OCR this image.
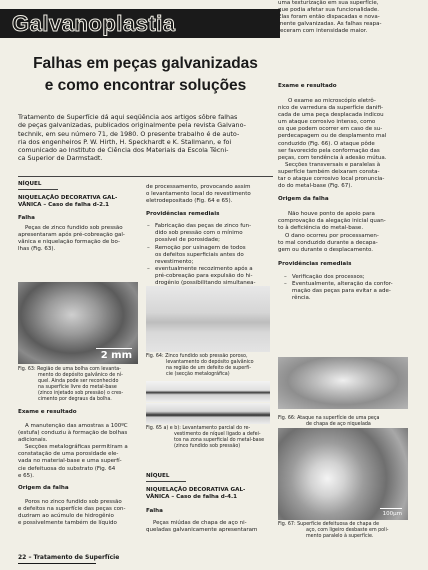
Galvanoplastia
Falhas em peças galvanizadas
e como encontrar soluções
Tratamento de Superfície dá aqui seqüência aos artigos sôbre falhas
de peças galvanizadas, publicados originalmente pela revista Galvano-
technik, em seu número 71, de 1980. O presente trabalho é de auto-
ria dos engenheiros P. W. Hirth, H. Speckhardt e K. Stallmann, e foi
comunicado ao Instituto de Ciência dos Materiais da Escola Técni-
ca Superior de Darmstadt.
NÍQUEL
NIQUELAÇÃO DECORATIVA GAL-
VÂNICA – Caso de falha d-2.1
Falha
Peças de zinco fundido sob pressão
apresentaram após pré-cobreação gal-
vânica e niquelação formação de bo-
lhas (Fig. 63).
2 mm
Fig. 63: Região de uma bolha com levanta-
mento do depósito galvânico de ní-
quel. Ainda pode ser reconhecido
na superfície livre do metal-base
(zinco injetado sob pressão) o cres-
cimento por degraus da bolha.
Exame e resultado
A manutenção das amostras a 100ºC
(estufa) conduziu à formação de bolhas
adicionais.
Secções metalográficas permitiram a
constatação de uma porosidade ele-
vada no material-base e uma superfí-
cie defeituosa do substrato (Fig. 64
e 65).
Origem da falha
Poros no zinco fundido sob pressão
e defeitos na superfície das peças con-
duziram ao acúmulo de hidrogênio
e possìvelmente também de líquido
de processamento, provocando assim
o levantamento local do revestimento
eletrodepositado (Fig. 64 e 65).
Providências remediais
– Fabricação das peças de zinco fun-
dido sob pressão com o mínimo
possível de porosidade;
– Remoção por usinagem de todos
os defeitos superficiais antes do
revestimento;
– eventualmente recozimento após a
pré-cobreação para expulsão do hi-
drogênio (possibilitando simultanea-
Fig. 64: Zinco fundido sob pressão poroso,
levantamento do depósito galvânico
na região de um defeito de superfí-
cie (secção metalográfica)
Fig. 65 a) e b): Levantamento parcial do re-
vestimento de níquel ligado a defei-
tos na zona superficial do metal-base
(zinco fundido sob pressão)
NÍQUEL
NIQUELAÇÃO DECORATIVA GAL-
VÂNICA – Caso de falha d-4.1
Falha
Peças miúdas de chapa de aço ni-
queladas galvanicamente apresentaram
uma texturização em sua superfície,
que podia afetar sua funcionalidade.
Elas foram então dispacadas e nova-
mente galvanizadas. As falhas reapa-
receram com intensidade maior.
Exame e resultado
O exame ao microscópio eletrô-
nico de varredura da superfície danifi-
cada de uma peça desplacada indicou
um ataque corrosivo intenso, como
os que podem ocorrer em caso de su-
perdecapagem ou de desplamento mal
conduzido (Fig. 66). O ataque pôde
ser favorecido pela conformação das
peças, com tendência à adesão mútua.
Secções transversais e paralelas à
superfície também deixaram consta-
tar o ataque corrosivo local pronuncia-
do do metal-base (Fig. 67).
Origem da falha
Não houve ponto de apoio para
comprovação da alegação inicial quan-
to à deficiência do metal-base.
O dano ocorreu por processamen-
to mal conduzido durante a decapa-
gem ou durante o desplacamento.
Providências remediais
– Verificação dos processos;
– Eventualmente, alteração da confor-
mação das peças para evitar a ade-
rência.
Fig. 66: Ataque na superfície de uma peça
de chapa de aço niquelada
100µm
Fig. 67: Superfície defeituosa de chapa de
aço, com ligeiro desbaste em poli-
mento paralelo à superfície.
22 – Tratamento de Superfície
